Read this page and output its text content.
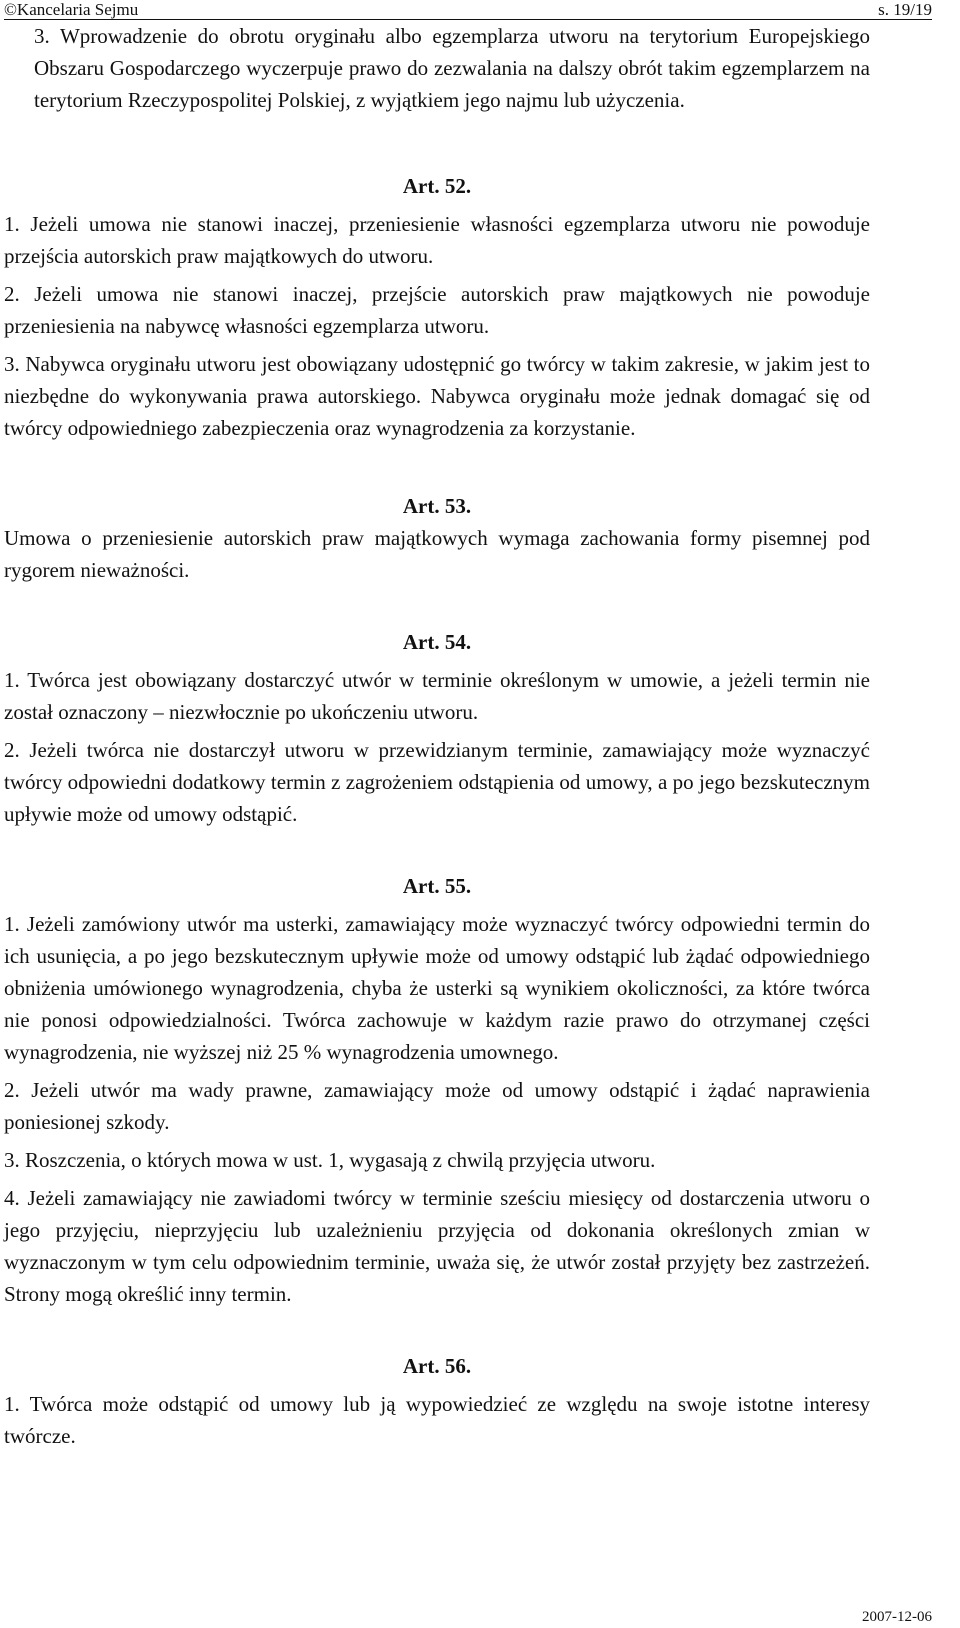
©Kancelaria Sejmu	s. 19/19

3. Wprowadzenie do obrotu oryginału albo egzemplarza utworu na terytorium Europejskiego Obszaru Gospodarczego wyczerpuje prawo do zezwalania na dalszy obrót takim egzemplarzem na terytorium Rzeczypospolitej Polskiej, z wyjątkiem jego najmu lub użyczenia.

Art. 52.

1. Jeżeli umowa nie stanowi inaczej, przeniesienie własności egzemplarza utworu nie powoduje przejścia autorskich praw majątkowych do utworu.

2. Jeżeli umowa nie stanowi inaczej, przejście autorskich praw majątkowych nie powoduje przeniesienia na nabywcę własności egzemplarza utworu.

3. Nabywca oryginału utworu jest obowiązany udostępnić go twórcy w takim zakresie, w jakim jest to niezbędne do wykonywania prawa autorskiego. Nabywca oryginału może jednak domagać się od twórcy odpowiedniego zabezpieczenia oraz wynagrodzenia za korzystanie.

Art. 53.

Umowa o przeniesienie autorskich praw majątkowych wymaga zachowania formy pisemnej pod rygorem nieważności.

Art. 54.

1. Twórca jest obowiązany dostarczyć utwór w terminie określonym w umowie, a jeżeli termin nie został oznaczony – niezwłocznie po ukończeniu utworu.

2. Jeżeli twórca nie dostarczył utworu w przewidzianym terminie, zamawiający może wyznaczyć twórcy odpowiedni dodatkowy termin z zagrożeniem odstąpienia od umowy, a po jego bezskutecznym upływie może od umowy odstąpić.

Art. 55.

1. Jeżeli zamówiony utwór ma usterki, zamawiający może wyznaczyć twórcy odpowiedni termin do ich usunięcia, a po jego bezskutecznym upływie może od umowy odstąpić lub żądać odpowiedniego obniżenia umówionego wynagrodzenia, chyba że usterki są wynikiem okoliczności, za które twórca nie ponosi odpowiedzialności. Twórca zachowuje w każdym razie prawo do otrzymanej części wynagrodzenia, nie wyższej niż 25 % wynagrodzenia umownego.

2. Jeżeli utwór ma wady prawne, zamawiający może od umowy odstąpić i żądać naprawienia poniesionej szkody.

3. Roszczenia, o których mowa w ust. 1, wygasają z chwilą przyjęcia utworu.

4. Jeżeli zamawiający nie zawiadomi twórcy w terminie sześciu miesięcy od dostarczenia utworu o jego przyjęciu, nieprzyjęciu lub uzależnieniu przyjęcia od dokonania określonych zmian w wyznaczonym w tym celu odpowiednim terminie, uważa się, że utwór został przyjęty bez zastrzeżeń. Strony mogą określić inny termin.

Art. 56.

1. Twórca może odstąpić od umowy lub ją wypowiedzieć ze względu na swoje istotne interesy twórcze.

2007-12-06
